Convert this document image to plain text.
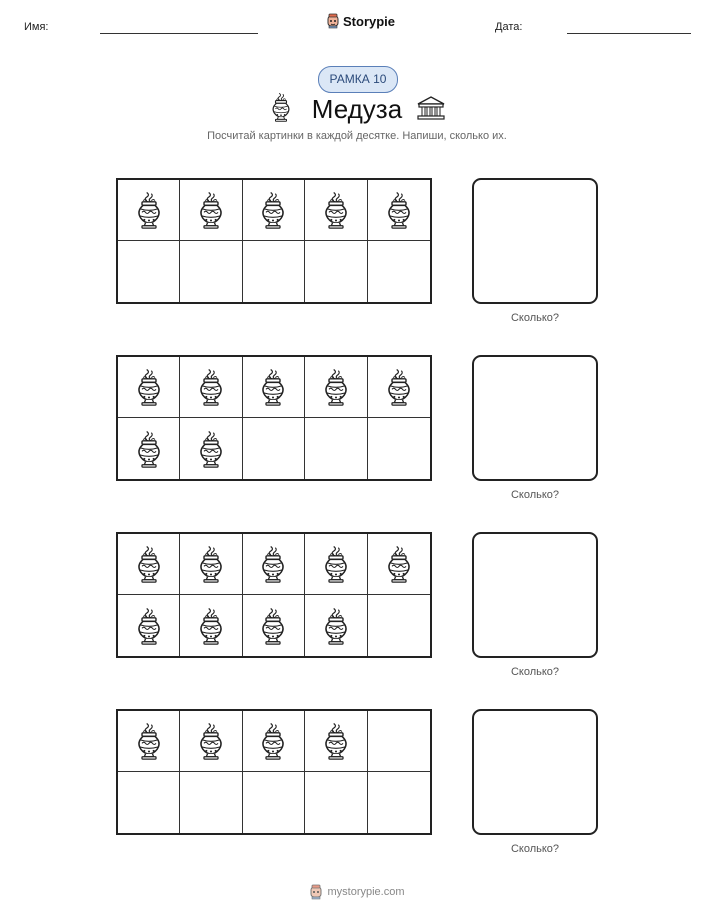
Имя:	Storypie	Дата:
РАМКА 10
Медуза
Посчитай картинки в каждой десятке. Напиши, сколько их.
Сколько?
Сколько?
Сколько?
Сколько?
mystorypie.com
